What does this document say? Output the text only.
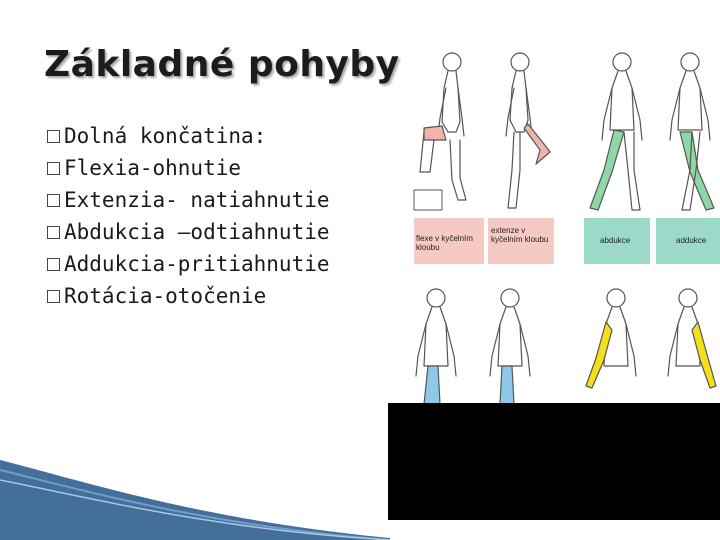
Základné pohyby
Dolná končatina:
Flexia-ohnutie
Extenzia- natiahnutie
Abdukcia –odtiahnutie
Addukcia-pritiahnutie
Rotácia-otočenie
flexe v kyčelním kloubu
extenze v kyčelním kloubu	abdukce	addukce
